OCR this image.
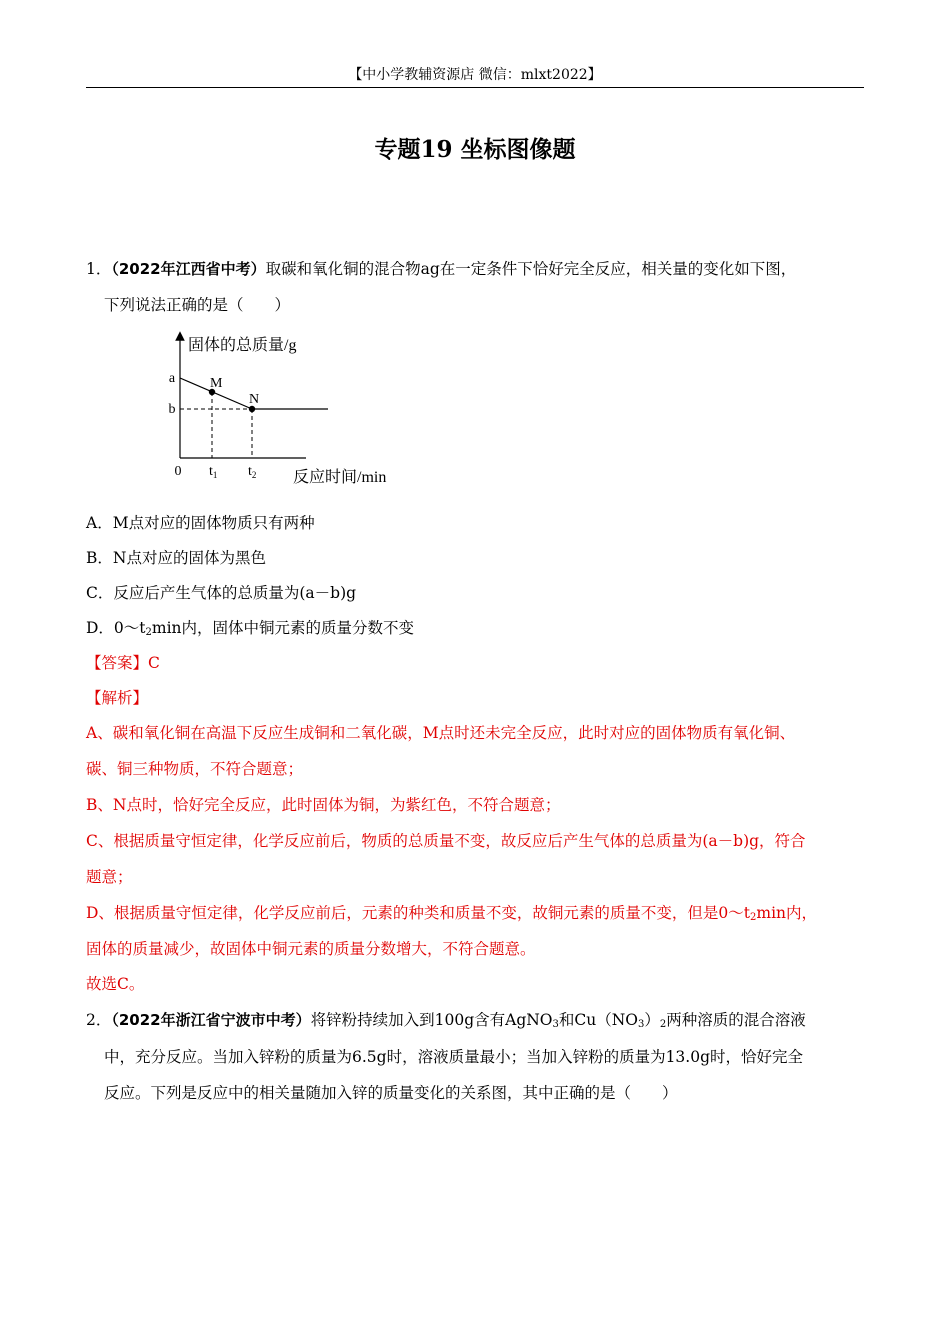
【中小学教辅资源店 微信：mlxt2022】
专题19 坐标图像题
1．（2022年江西省中考）取碳和氧化铜的混合物ag在一定条件下恰好完全反应，相关量的变化如下图，
下列说法正确的是（　　）
固体的总质量/g
反应时间/min
0
a
b
$t_1$ $t_2$
M
N
A．M点对应的固体物质只有两种
B．N点对应的固体为黑色
C．反应后产生气体的总质量为(a－b)g
D．$0\sim t_2\min$内，固体中铜元素的质量分数不变
【答案】C
【解析】
A、碳和氧化铜在高温下反应生成铜和二氧化碳，M点时还未完全反应，此时对应的固体物质有氧化铜、
碳、铜三种物质，不符合题意；
B、N点时，恰好完全反应，此时固体为铜，为紫红色，不符合题意；
C、根据质量守恒定律，化学反应前后，物质的总质量不变，故反应后产生气体的总质量为(a－b)g，符合
题意；
D、根据质量守恒定律，化学反应前后，元素的种类和质量不变，故铜元素的质量不变，但是$0\sim t_2\min$内，
固体的质量减少，故固体中铜元素的质量分数增大，不符合题意。
故选C。
2．（2022年浙江省宁波市中考）将锌粉持续加入到100g含有AgNO$_3$和$Cu(NO_3)_2$两种溶质的混合溶液
中，充分反应。当加入锌粉的质量为6.5g时，溶液质量最小；当加入锌粉的质量为13.0g时，恰好完全
反应。下列是反应中的相关量随加入锌的质量变化的关系图，其中正确的是（　　）
